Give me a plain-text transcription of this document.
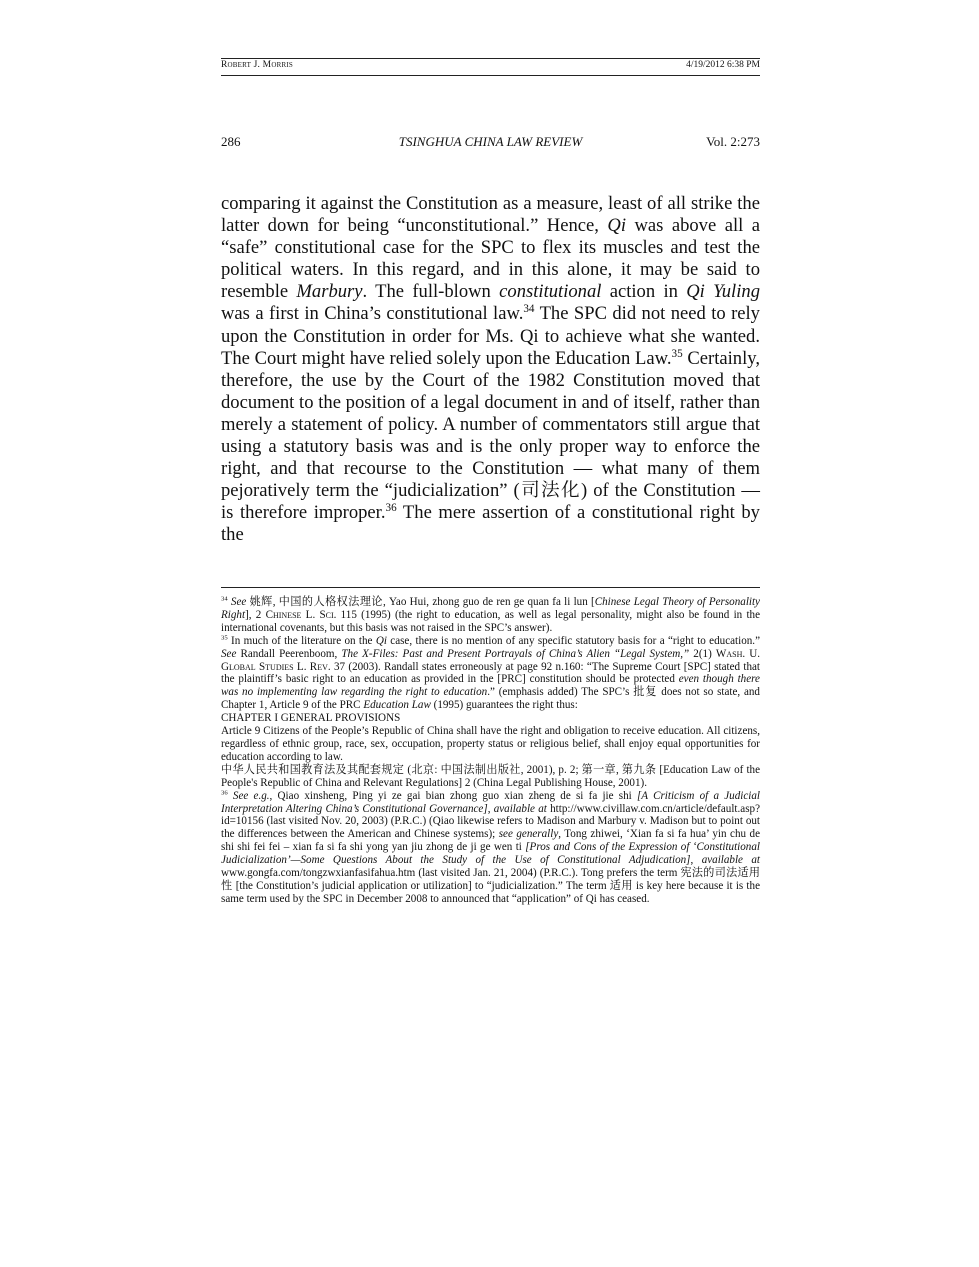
Robert J. Morris	4/19/2012 6:38 PM
286	TSINGHUA CHINA LAW REVIEW	Vol. 2:273

comparing it against the Constitution as a measure, least of all strike the latter down for being “unconstitutional.” Hence, Qi was above all a “safe” constitutional case for the SPC to flex its muscles and test the political waters. In this regard, and in this alone, it may be said to resemble Marbury. The full-blown constitutional action in Qi Yuling was a first in China’s constitutional law.$^{34}$ The SPC did not need to rely upon the Constitution in order for Ms. Qi to achieve what she wanted. The Court might have relied solely upon the Education Law.$^{35}$ Certainly, therefore, the use by the Court of the 1982 Constitution moved that document to the position of a legal document in and of itself, rather than merely a statement of policy. A number of commentators still argue that using a statutory basis was and is the only proper way to enforce the right, and that recourse to the Constitution — what many of them pejoratively term the “judicialization” (司法化) of the Constitution — is therefore improper.$^{36}$ The mere assertion of a constitutional right by the

$^{34}$ See 姚辉, 中国的人格权法理论, Yao Hui, zhong guo de ren ge quan fa li lun [Chinese Legal Theory of Personality Right], 2 Chinese L. Sci. 115 (1995) (the right to education, as well as legal personality, might also be found in the international covenants, but this basis was not raised in the SPC’s answer).

$^{35}$ In much of the literature on the Qi case, there is no mention of any specific statutory basis for a “right to education.” See Randall Peerenboom, The X-Files: Past and Present Portrayals of China’s Alien “Legal System,” 2(1) Wash. U. Global Studies L. Rev. 37 (2003). Randall states erroneously at page 92 n.160: “The Supreme Court [SPC] stated that the plaintiff’s basic right to an education as provided in the [PRC] constitution should be protected even though there was no implementing law regarding the right to education.” (emphasis added) The SPC’s 批复 does not so state, and Chapter 1, Article 9 of the PRC Education Law (1995) guarantees the right thus:

CHAPTER I GENERAL PROVISIONS

Article 9 Citizens of the People’s Republic of China shall have the right and obligation to receive education. All citizens, regardless of ethnic group, race, sex, occupation, property status or religious belief, shall enjoy equal opportunities for education according to law.

中华人民共和国教育法及其配套规定 (北京: 中国法制出版社, 2001), p. 2; 第一章, 第九条 [Education Law of the People's Republic of China and Relevant Regulations] 2 (China Legal Publishing House, 2001).

$^{36}$ See e.g., Qiao xinsheng, Ping yi ze gai bian zhong guo xian zheng de si fa jie shi [A Criticism of a Judicial Interpretation Altering China’s Constitutional Governance], available at http://www.civillaw.com.cn/article/default.asp?id=10156 (last visited Nov. 20, 2003) (P.R.C.) (Qiao likewise refers to Madison and Marbury v. Madison but to point out the differences between the American and Chinese systems); see generally, Tong zhiwei, ‘Xian fa si fa hua’ yin chu de shi shi fei fei – xian fa si fa shi yong yan jiu zhong de ji ge wen ti [Pros and Cons of the Expression of ‘Constitutional Judicialization’—Some Questions About the Study of the Use of Constitutional Adjudication], available at www.gongfa.com/tongzwxianfasifahua.htm (last visited Jan. 21, 2004) (P.R.C.). Tong prefers the term 宪法的司法适用性 [the Constitution’s judicial application or utilization] to “judicialization.” The term 适用 is key here because it is the same term used by the SPC in December 2008 to announced that “application” of Qi has ceased.
